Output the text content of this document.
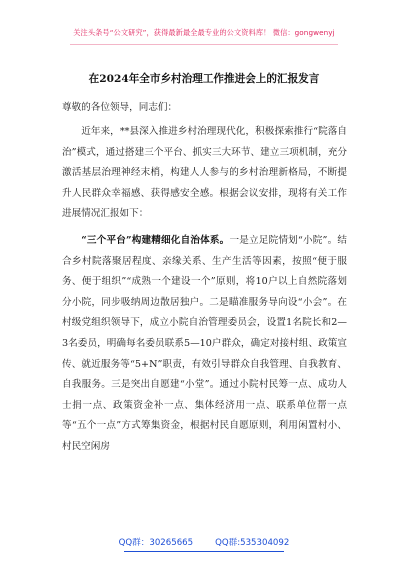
关注头条号“公文研究”，获得最新最全最专业的公文资料库！ 微信：gongwenyj
在2024年全市乡村治理工作推进会上的汇报发言
尊敬的各位领导，同志们：
近年来，**县深入推进乡村治理现代化，积极探索推行“院落自治”模式，通过搭建三个平台、抓实三大环节、建立三项机制，充分激活基层治理神经末梢，构建人人参与的乡村治理新格局，不断提升人民群众幸福感、获得感安全感。根据会议安排，现将有关工作进展情况汇报如下：
“三个平台”构建精细化自治体系。一是立足院情划“小院”。结合乡村院落聚居程度、亲缘关系、生产生活等因素，按照“便于服务、便于组织”“成熟一个建设一个”原则，将10户以上自然院落划分小院，同步吸纳周边散居独户。二是瞄准服务导向设“小会”。在村级党组织领导下，成立小院自治管理委员会，设置1名院长和2—3名委员，明确每名委员联系5—10户群众，确定对接村组、政策宣传、就近服务等“5+N”职责，有效引导群众自我管理、自我教育、自我服务。三是突出自愿建“小堂”。通过小院村民筹一点、成功人士捐一点、政策资金补一点、集体经济用一点、联系单位帮一点等“五个一点”方式筹集资金，根据村民自愿原则，利用闲置村小、村民空闲房
QQ群：30265665	QQ群:535304092
